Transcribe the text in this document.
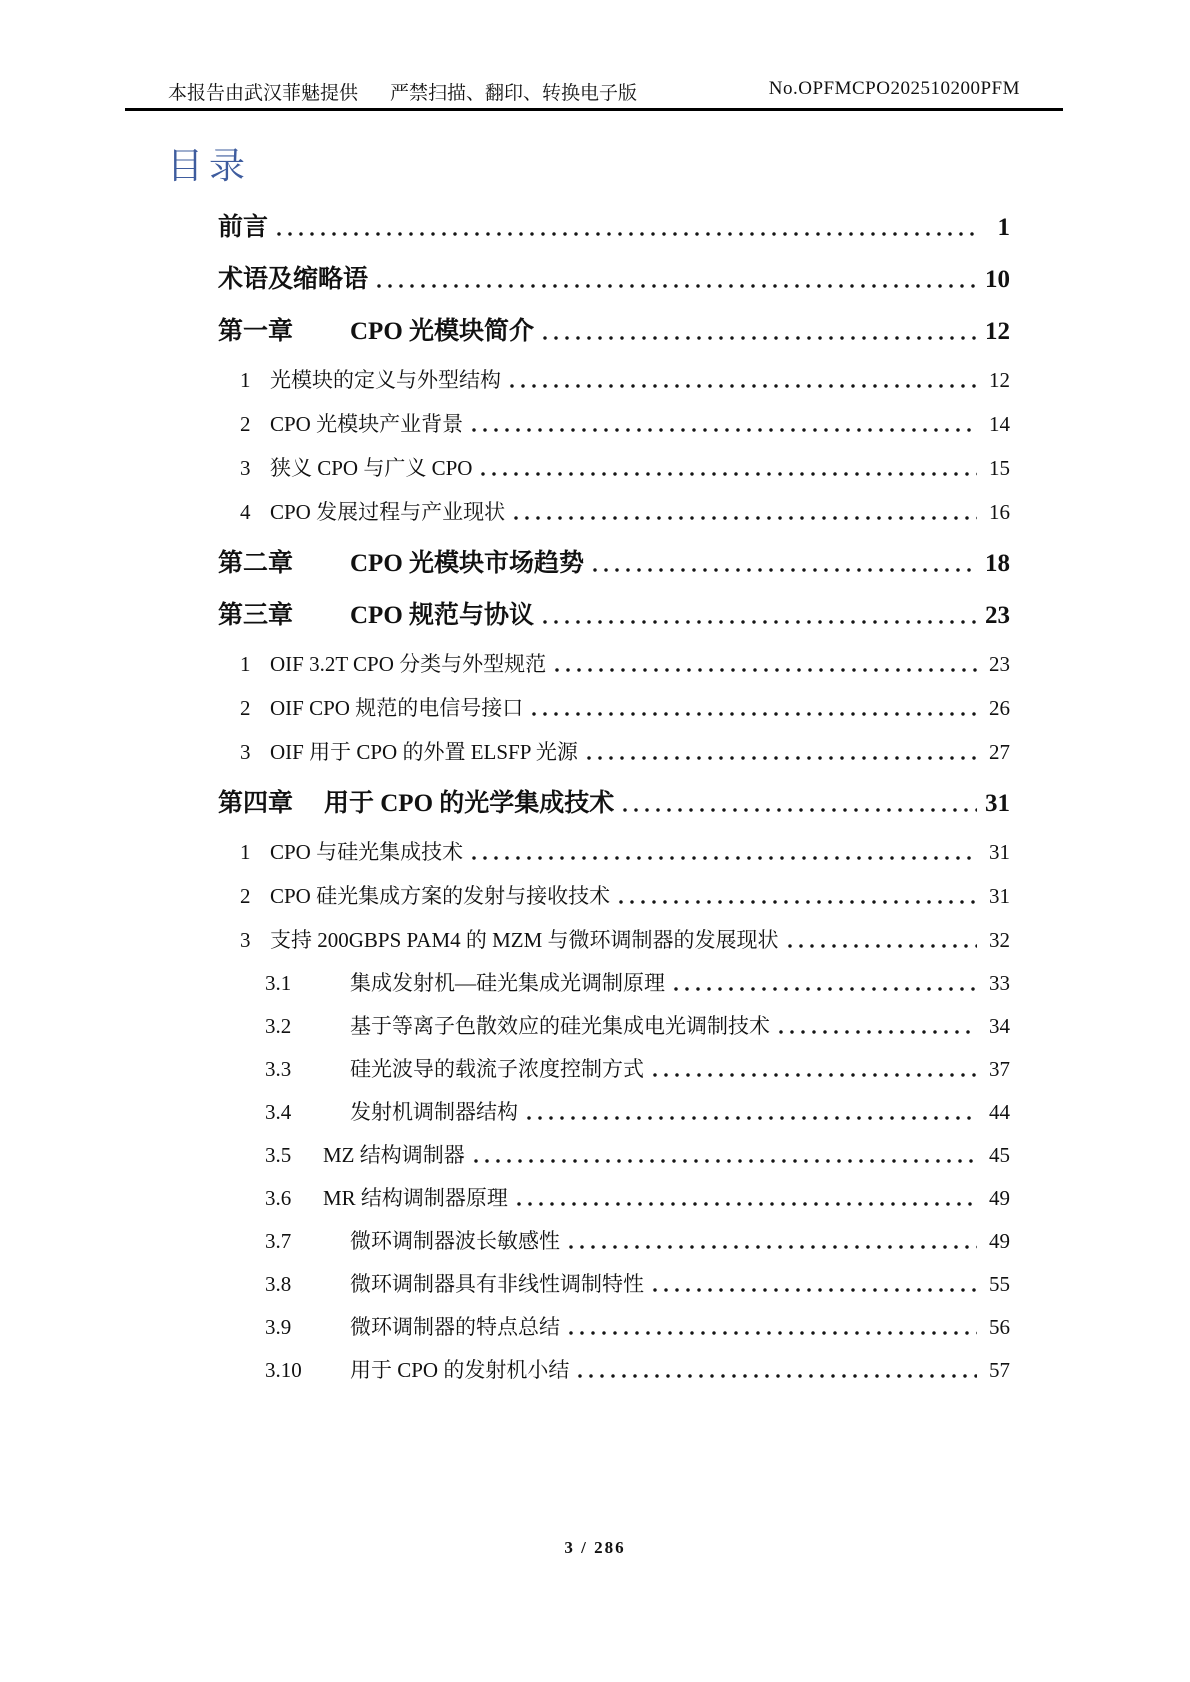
本报告由武汉菲魅提供 严禁扫描、翻印、转换电子版	No.OPFMCPO202510200PFM
目录
前言	1
术语及缩略语	10
第一章	CPO 光模块简介	12
1 光模块的定义与外型结构	12
2 CPO 光模块产业背景	14
3 狭义 CPO 与广义 CPO	15
4 CPO 发展过程与产业现状	16
第二章	CPO 光模块市场趋势	18
第三章	CPO 规范与协议	23
1 OIF 3.2T CPO 分类与外型规范	23
2 OIF CPO 规范的电信号接口	26
3 OIF 用于 CPO 的外置 ELSFP 光源	27
第四章	用于 CPO 的光学集成技术	31
1 CPO 与硅光集成技术	31
2 CPO 硅光集成方案的发射与接收技术	31
3 支持 200GBPS PAM4 的 MZM 与微环调制器的发展现状	32
3.1	集成发射机—硅光集成光调制原理	33
3.2	基于等离子色散效应的硅光集成电光调制技术	34
3.3	硅光波导的载流子浓度控制方式	37
3.4	发射机调制器结构	44
3.5	MZ 结构调制器	45
3.6	MR 结构调制器原理	49
3.7	微环调制器波长敏感性	49
3.8	微环调制器具有非线性调制特性	55
3.9	微环调制器的特点总结	56
3.10	用于 CPO 的发射机小结	57
3 / 286
